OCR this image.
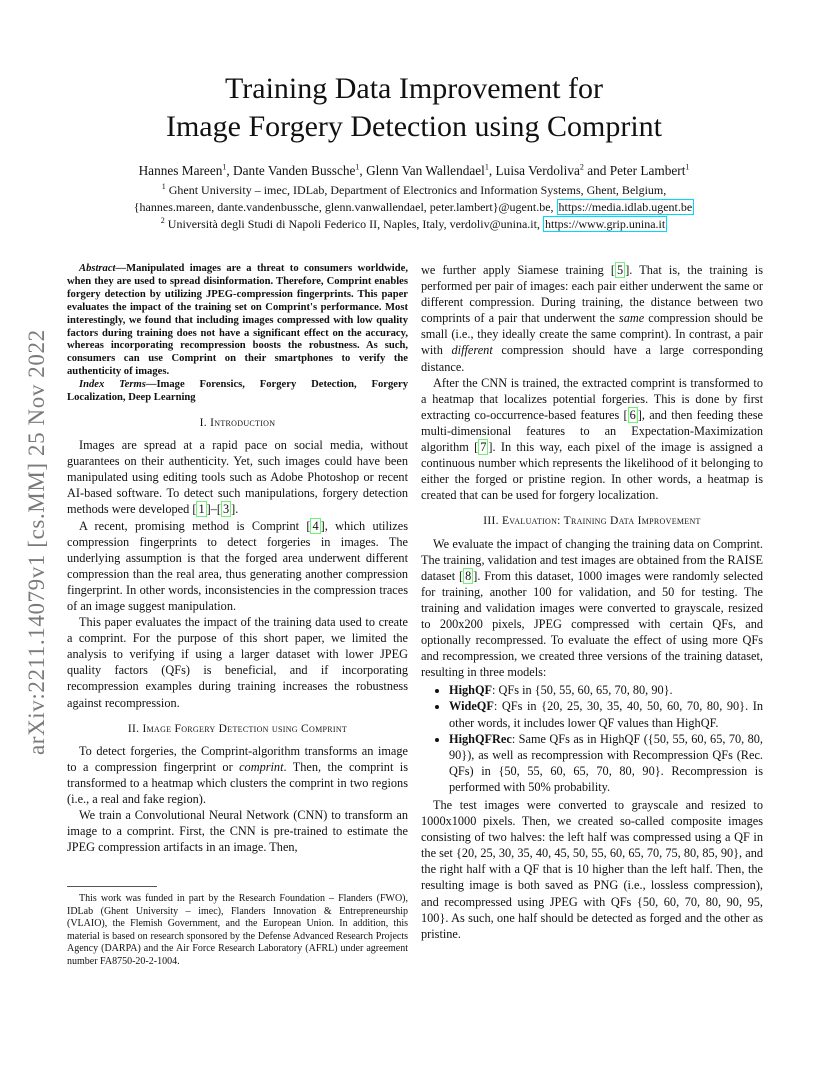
Training Data Improvement for
Image Forgery Detection using Comprint
Hannes Mareen$^1$, Dante Vanden Bussche$^1$, Glenn Van Wallendael$^1$, Luisa Verdoliva$^2$ and Peter Lambert$^1$
$^1$ Ghent University – imec, IDLab, Department of Electronics and Information Systems, Ghent, Belgium,
{hannes.mareen, dante.vandenbussche, glenn.vanwallendael, peter.lambert}@ugent.be, https://media.idlab.ugent.be
$^2$ Università degli Studi di Napoli Federico II, Naples, Italy, verdoliv@unina.it, https://www.grip.unina.it
arXiv:2211.14079v1 [cs.MM] 25 Nov 2022

Abstract—Manipulated images are a threat to consumers worldwide, when they are used to spread disinformation. Therefore, Comprint enables forgery detection by utilizing JPEG-compression fingerprints. This paper evaluates the impact of the training set on Comprint's performance. Most interestingly, we found that including images compressed with low quality factors during training does not have a significant effect on the accuracy, whereas incorporating recompression boosts the robustness. As such, consumers can use Comprint on their smartphones to verify the authenticity of images.

Index Terms—Image Forensics, Forgery Detection, Forgery Localization, Deep Learning

I. Introduction

Images are spread at a rapid pace on social media, without guarantees on their authenticity. Yet, such images could have been manipulated using editing tools such as Adobe Photoshop or recent AI-based software. To detect such manipulations, forgery detection methods were developed [ 1 ]–[ 3 ].

A recent, promising method is Comprint [ 4 ], which utilizes compression fingerprints to detect forgeries in images. The underlying assumption is that the forged area underwent different compression than the real area, thus generating another compression fingerprint. In other words, inconsistencies in the compression traces of an image suggest manipulation.

This paper evaluates the impact of the training data used to create a comprint. For the purpose of this short paper, we limited the analysis to verifying if using a larger dataset with lower JPEG quality factors (QFs) is beneficial, and if incorporating recompression examples during training increases the robustness against recompression.

II. Image Forgery Detection using Comprint

To detect forgeries, the Comprint-algorithm transforms an image to a compression fingerprint or comprint. Then, the comprint is transformed to a heatmap which clusters the comprint in two regions (i.e., a real and fake region).

We train a Convolutional Neural Network (CNN) to transform an image to a comprint. First, the CNN is pre-trained to estimate the JPEG compression artifacts in an image. Then,

This work was funded in part by the Research Foundation – Flanders (FWO), IDLab (Ghent University – imec), Flanders Innovation & Entrepreneurship (VLAIO), the Flemish Government, and the European Union. In addition, this material is based on research sponsored by the Defense Advanced Research Projects Agency (DARPA) and the Air Force Research Laboratory (AFRL) under agreement number FA8750-20-2-1004.

we further apply Siamese training [ 5 ]. That is, the training is performed per pair of images: each pair either underwent the same or different compression. During training, the distance between two comprints of a pair that underwent the same compression should be small (i.e., they ideally create the same comprint). In contrast, a pair with different compression should have a large corresponding distance.

After the CNN is trained, the extracted comprint is transformed to a heatmap that localizes potential forgeries. This is done by first extracting co-occurrence-based features [ 6 ], and then feeding these multi-dimensional features to an Expectation-Maximization algorithm [ 7 ]. In this way, each pixel of the image is assigned a continuous number which represents the likelihood of it belonging to either the forged or pristine region. In other words, a heatmap is created that can be used for forgery localization.

III. Evaluation: Training Data Improvement

We evaluate the impact of changing the training data on Comprint. The training, validation and test images are obtained from the RAISE dataset [ 8 ]. From this dataset, 1000 images were randomly selected for training, another 100 for validation, and 50 for testing. The training and validation images were converted to grayscale, resized to 200x200 pixels, JPEG compressed with certain QFs, and optionally recompressed. To evaluate the effect of using more QFs and recompression, we created three versions of the training dataset, resulting in three models:

• HighQF: QFs in {50, 55, 60, 65, 70, 80, 90}.
• WideQF: QFs in {20, 25, 30, 35, 40, 50, 60, 70, 80, 90}. In other words, it includes lower QF values than HighQF.
• HighQFRec: Same QFs as in HighQF ({50, 55, 60, 65, 70, 80, 90}), as well as recompression with Recompression QFs (Rec. QFs) in {50, 55, 60, 65, 70, 80, 90}. Recompression is performed with 50% probability.

The test images were converted to grayscale and resized to 1000x1000 pixels. Then, we created so-called composite images consisting of two halves: the left half was compressed using a QF in the set {20, 25, 30, 35, 40, 45, 50, 55, 60, 65, 70, 75, 80, 85, 90}, and the right half with a QF that is 10 higher than the left half. Then, the resulting image is both saved as PNG (i.e., lossless compression), and recompressed using JPEG with QFs {50, 60, 70, 80, 90, 95, 100}. As such, one half should be detected as forged and the other as pristine.
